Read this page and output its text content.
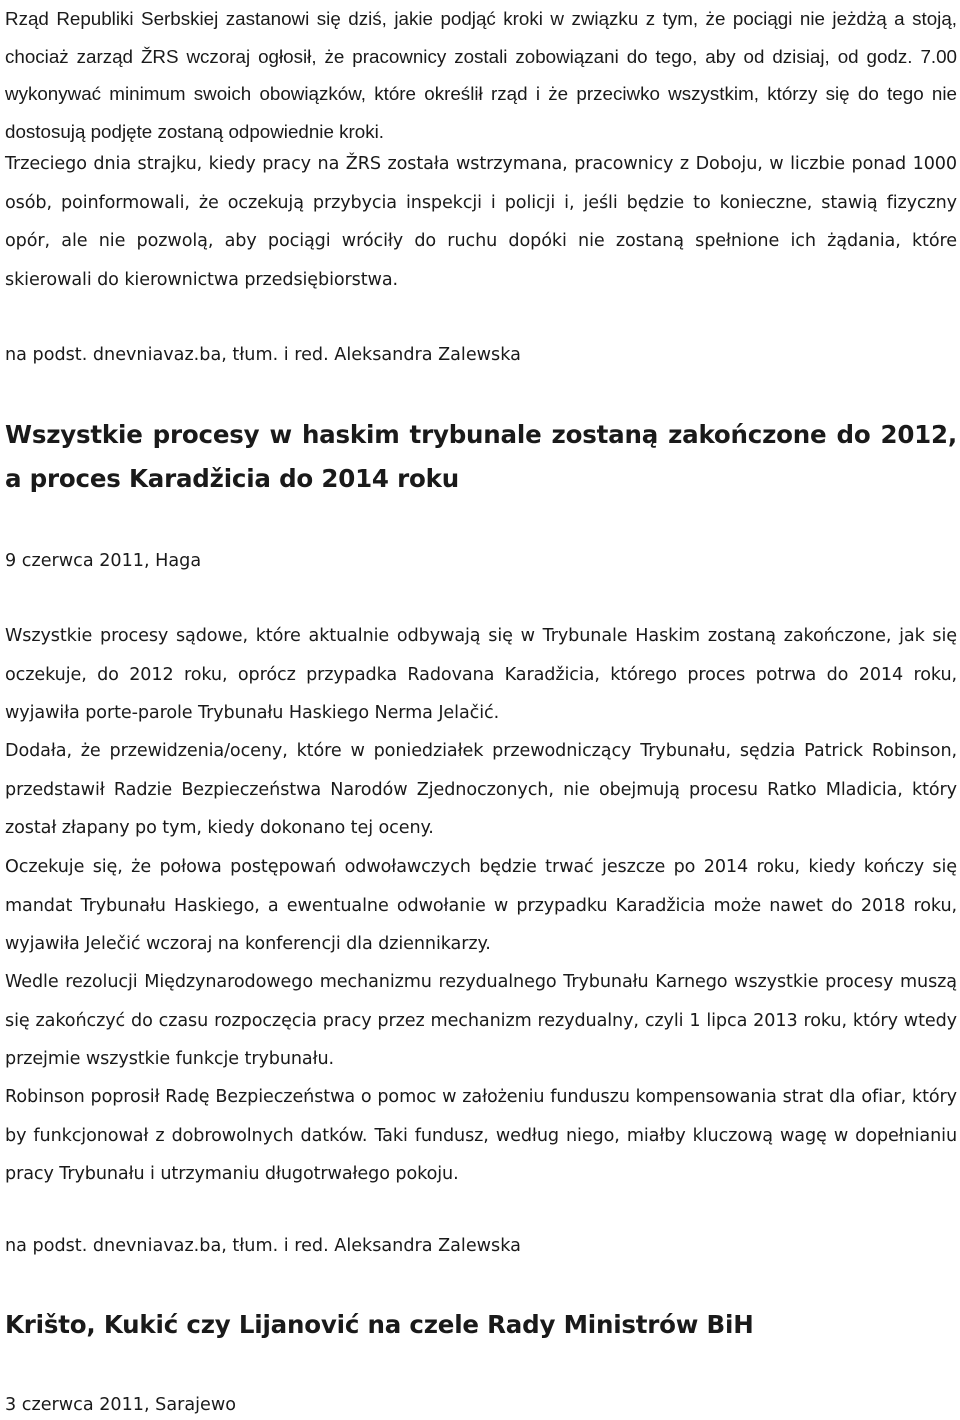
Rząd Republiki Serbskiej zastanowi się dziś, jakie podjąć kroki w związku z tym, że pociągi nie jeżdżą a stoją, chociaż zarząd ŽRS wczoraj ogłosił, że pracownicy zostali zobowiązani do tego, aby od dzisiaj, od godz. 7.00 wykonywać minimum swoich obowiązków, które określił rząd i że przeciwko wszystkim, którzy się do tego nie dostosują podjęte zostaną odpowiednie kroki.

Trzeciego dnia strajku, kiedy pracy na ŽRS została wstrzymana, pracownicy z Doboju, w liczbie ponad 1000 osób, poinformowali, że oczekują przybycia inspekcji i policji i, jeśli będzie to konieczne, stawią fizyczny opór, ale nie pozwolą, aby pociągi wróciły do ruchu dopóki nie zostaną spełnione ich żądania, które skierowali do kierownictwa przedsiębiorstwa.

na podst. dnevniavaz.ba, tłum. i red. Aleksandra Zalewska

Wszystkie procesy w haskim trybunale zostaną zakończone do 2012, a proces Karadžicia do 2014 roku

9 czerwca 2011, Haga

Wszystkie procesy sądowe, które aktualnie odbywają się w Trybunale Haskim zostaną zakończone, jak się oczekuje, do 2012 roku, oprócz przypadka Radovana Karadžicia, którego proces potrwa do 2014 roku, wyjawiła porte-parole Trybunału Haskiego Nerma Jelačić.

Dodała, że przewidzenia/oceny, które w poniedziałek przewodniczący Trybunału, sędzia Patrick Robinson, przedstawił Radzie Bezpieczeństwa Narodów Zjednoczonych, nie obejmują procesu Ratko Mladicia, który został złapany po tym, kiedy dokonano tej oceny.

Oczekuje się, że połowa postępowań odwoławczych będzie trwać jeszcze po 2014 roku, kiedy kończy się mandat Trybunału Haskiego, a ewentualne odwołanie w przypadku Karadžicia może nawet do 2018 roku, wyjawiła Jelečić wczoraj na konferencji dla dziennikarzy.

Wedle rezolucji Międzynarodowego mechanizmu rezydualnego Trybunału Karnego wszystkie procesy muszą się zakończyć do czasu rozpoczęcia pracy przez mechanizm rezydualny, czyli 1 lipca 2013 roku, który wtedy przejmie wszystkie funkcje trybunału.

Robinson poprosił Radę Bezpieczeństwa o pomoc w założeniu funduszu kompensowania strat dla ofiar, który by funkcjonował z dobrowolnych datków. Taki fundusz, według niego, miałby kluczową wagę w dopełnianiu pracy Trybunału i utrzymaniu długotrwałego pokoju.

na podst. dnevniavaz.ba, tłum. i red. Aleksandra Zalewska

Krišto, Kukić czy Lijanović na czele Rady Ministrów BiH

3 czerwca 2011, Sarajewo
